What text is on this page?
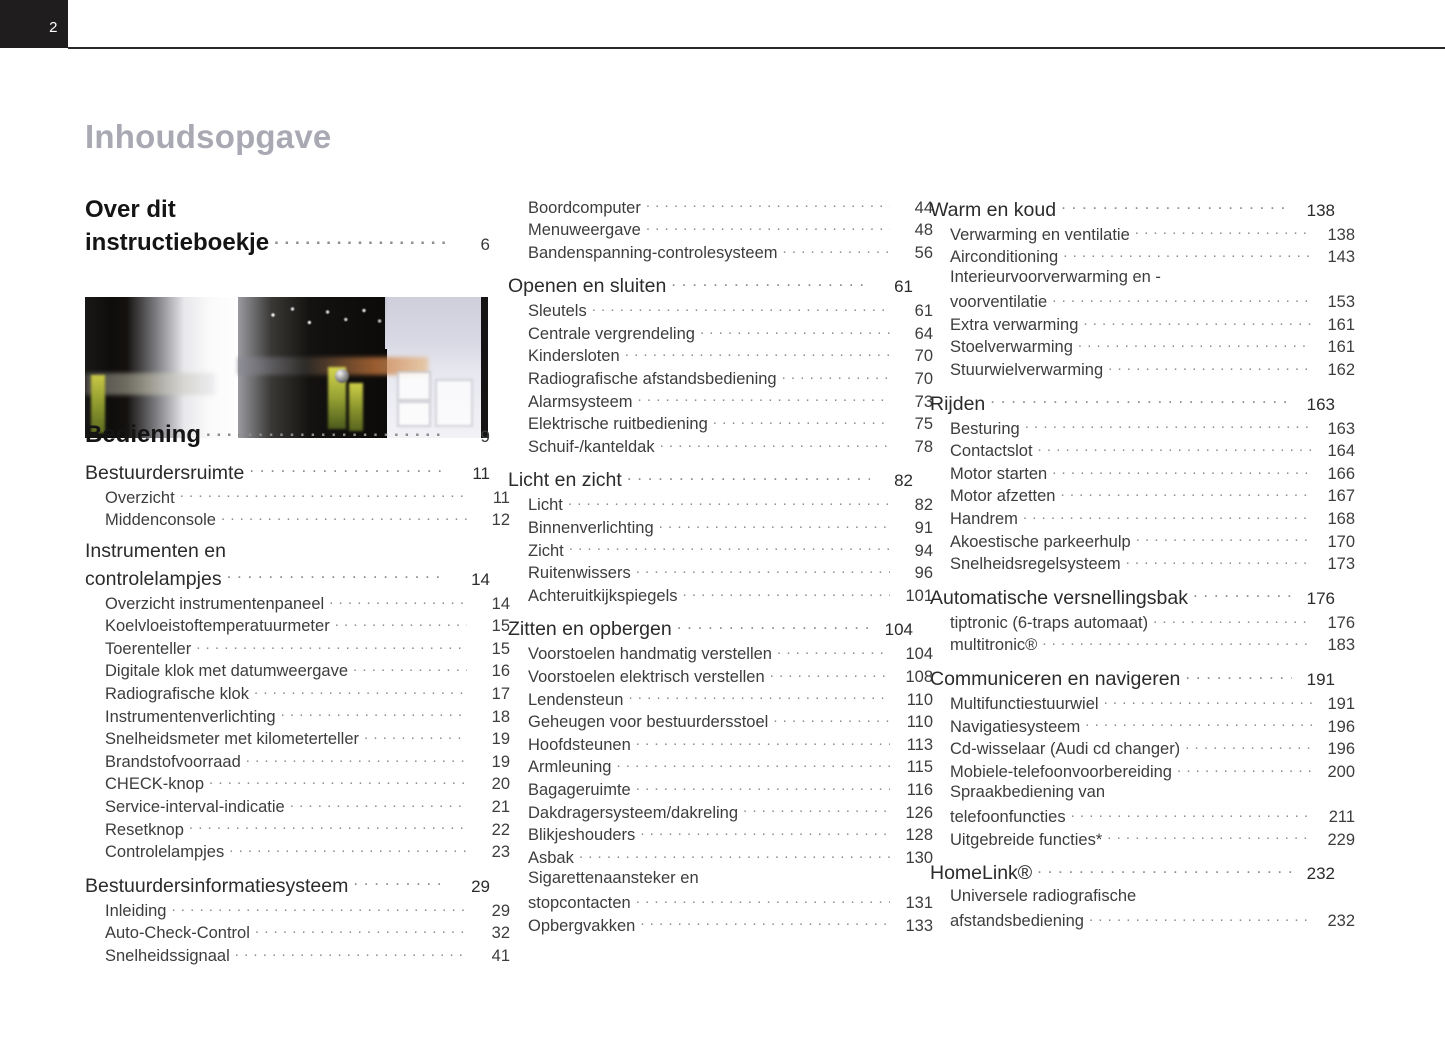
2
Inhoudsopgave
Over dit
instructieboekje . . .	6
Bediening . . .	9
Bestuurdersruimte . . .	11
Overzicht . . .	11
Middenconsole . . .	12
Instrumenten en
controlelampjes . . .	14
Overzicht instrumentenpaneel . . .	14
Koelvloeistoftemperatuurmeter . . .	15
Toerenteller . . .	15
Digitale klok met datumweergave . . .	16
Radiografische klok . . .	17
Instrumentenverlichting . . .	18
Snelheidsmeter met kilometerteller . . .	19
Brandstofvoorraad . . .	19
CHECK-knop . . .	20
Service-interval-indicatie . . .	21
Resetknop . . .	22
Controlelampjes . . .	23
Bestuurdersinformatiesysteem . . .	29
Inleiding . . .	29
Auto-Check-Control . . .	32
Snelheidssignaal . . .	41
Boordcomputer . . .	44
Menuweergave . . .	48
Bandenspanning-controlesysteem . . .	56
Openen en sluiten . . .	61
Sleutels . . .	61
Centrale vergrendeling . . .	64
Kindersloten . . .	70
Radiografische afstandsbediening . . .	70
Alarmsysteem . . .	73
Elektrische ruitbediening . . .	75
Schuif-/kanteldak . . .	78
Licht en zicht . . .	82
Licht . . .	82
Binnenverlichting . . .	91
Zicht . . .	94
Ruitenwissers . . .	96
Achteruitkijkspiegels . . .	101
Zitten en opbergen . . .	104
Voorstoelen handmatig verstellen . . .	104
Voorstoelen elektrisch verstellen . . .	108
Lendensteun . . .	110
Geheugen voor bestuurdersstoel . . .	110
Hoofdsteunen . . .	113
Armleuning . . .	115
Bagageruimte . . .	116
Dakdragersysteem/dakreling . . .	126
Blikjeshouders . . .	128
Asbak . . .	130
Sigarettenaansteker en
stopcontacten . . .	131
Opbergvakken . . .	133
Warm en koud . . .	138
Verwarming en ventilatie . . .	138
Airconditioning . . .	143
Interieurvoorverwarming en -
voorventilatie . . .	153
Extra verwarming . . .	161
Stoelverwarming . . .	161
Stuurwielverwarming . . .	162
Rijden . . .	163
Besturing . . .	163
Contactslot . . .	164
Motor starten . . .	166
Motor afzetten . . .	167
Handrem . . .	168
Akoestische parkeerhulp . . .	170
Snelheidsregelsysteem . . .	173
Automatische versnellingsbak . . .	176
tiptronic (6-traps automaat) . . .	176
multitronic® . . .	183
Communiceren en navigeren . . .	191
Multifunctiestuurwiel . . .	191
Navigatiesysteem . . .	196
Cd-wisselaar (Audi cd changer) . . .	196
Mobiele-telefoonvoorbereiding . . .	200
Spraakbediening van
telefoonfuncties . . .	211
Uitgebreide functies* . . .	229
HomeLink® . . .	232
Universele radiografische
afstandsbediening . . .	232
